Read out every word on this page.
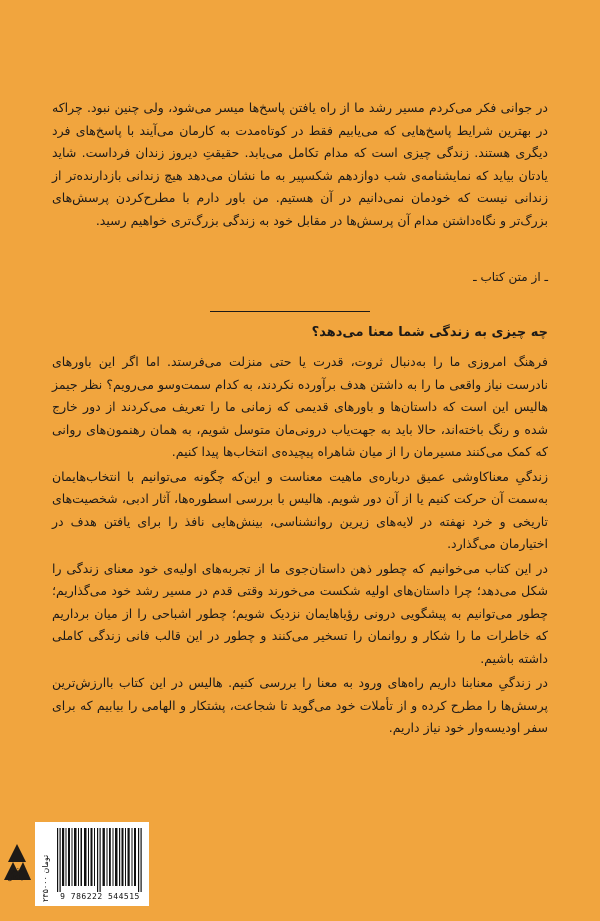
در جوانی فکر می‌کردم مسیر رشد ما از راه یافتن پاسخ‌ها میسر می‌شود، ولی چنین نبود. چراکه در بهترین شرایط پاسخ‌هایی که می‌یابیم فقط در کوتاه‌مدت به کارمان می‌آیند با پاسخ‌های فرد دیگری هستند. زندگی چیزی است که مدام تکامل می‌یابد. حقیقتِ دیروز زندان فرداست. شاید یادتان بیاید که نمایشنامه‌ی شب دوازدهم شکسپیر به ما نشان می‌دهد هیچ زندانی بازدارنده‌تر از زندانی نیست که خودمان نمی‌دانیم در آن هستیم. من باور دارم با مطرح‌کردن پرسش‌های بزرگ‌تر و نگاه‌داشتن مدام آن پرسش‌ها در مقابل خود به زندگی بزرگ‌تری خواهیم رسید.

ـ از متن کتاب ـ
چه چیزی به زندگی شما معنا می‌دهد؟

فرهنگ امروزی ما را به‌دنبال ثروت، قدرت یا حتی منزلت می‌فرستد. اما اگر این باورهای نادرست نیاز واقعی ما را به داشتن هدف برآورده نکردند، به کدام سمت‌وسو می‌رویم؟ نظر جیمز هالیس این است که داستان‌ها و باورهای قدیمی که زمانی ما را تعریف می‌کردند از دور خارج شده و رنگ باخته‌اند، حالا باید به جهت‌یاب درونی‌مان متوسل شویم، به همان رهنمون‌های روانی که کمک می‌کنند مسیرمان را از میان شاهراه پیچیده‌ی انتخاب‌ها پیدا کنیم.

زندگیِ معناکاوشی عمیق درباره‌ی ماهیت معناست و این‌که چگونه می‌توانیم با انتخاب‌هایمان به‌سمت آن حرکت کنیم یا از آن دور شویم. هالیس با بررسی اسطوره‌ها، آثار ادبی، شخصیت‌های تاریخی و خرد نهفته در لایه‌های زیرین روانشناسی، بینش‌هایی نافذ را برای یافتن هدف در اختیارمان می‌گذارد.

در این کتاب می‌خوانیم که چطور ذهن داستان‌جوی ما از تجربه‌های اولیه‌ی خود معنای زندگی را شکل می‌دهد؛ چرا داستان‌های اولیه شکست می‌خورند وقتی قدم در مسیر رشد خود می‌گذاریم؛ چطور می‌توانیم به پیشگویی درونی رؤیاهایمان نزدیک شویم؛ چطور اشباحی را از میان برداریم که خاطرات ما را شکار و روانمان را تسخیر می‌کنند و چطور در این قالب فانی زندگی کاملی داشته باشیم.

در زندگیِ معنابنا داریم راه‌های ورود به معنا را بررسی کنیم. هالیس در این کتاب باارزش‌ترین پرسش‌ها را مطرح کرده و از تأملات خود می‌گوید تا شجاعت، پشتکار و الهامی را بیابیم که برای سفر اودیسه‌وار خود نیاز داریم.

نشر میلکان	۲۳۵۰۰۰ تومان
9 786222 544515
